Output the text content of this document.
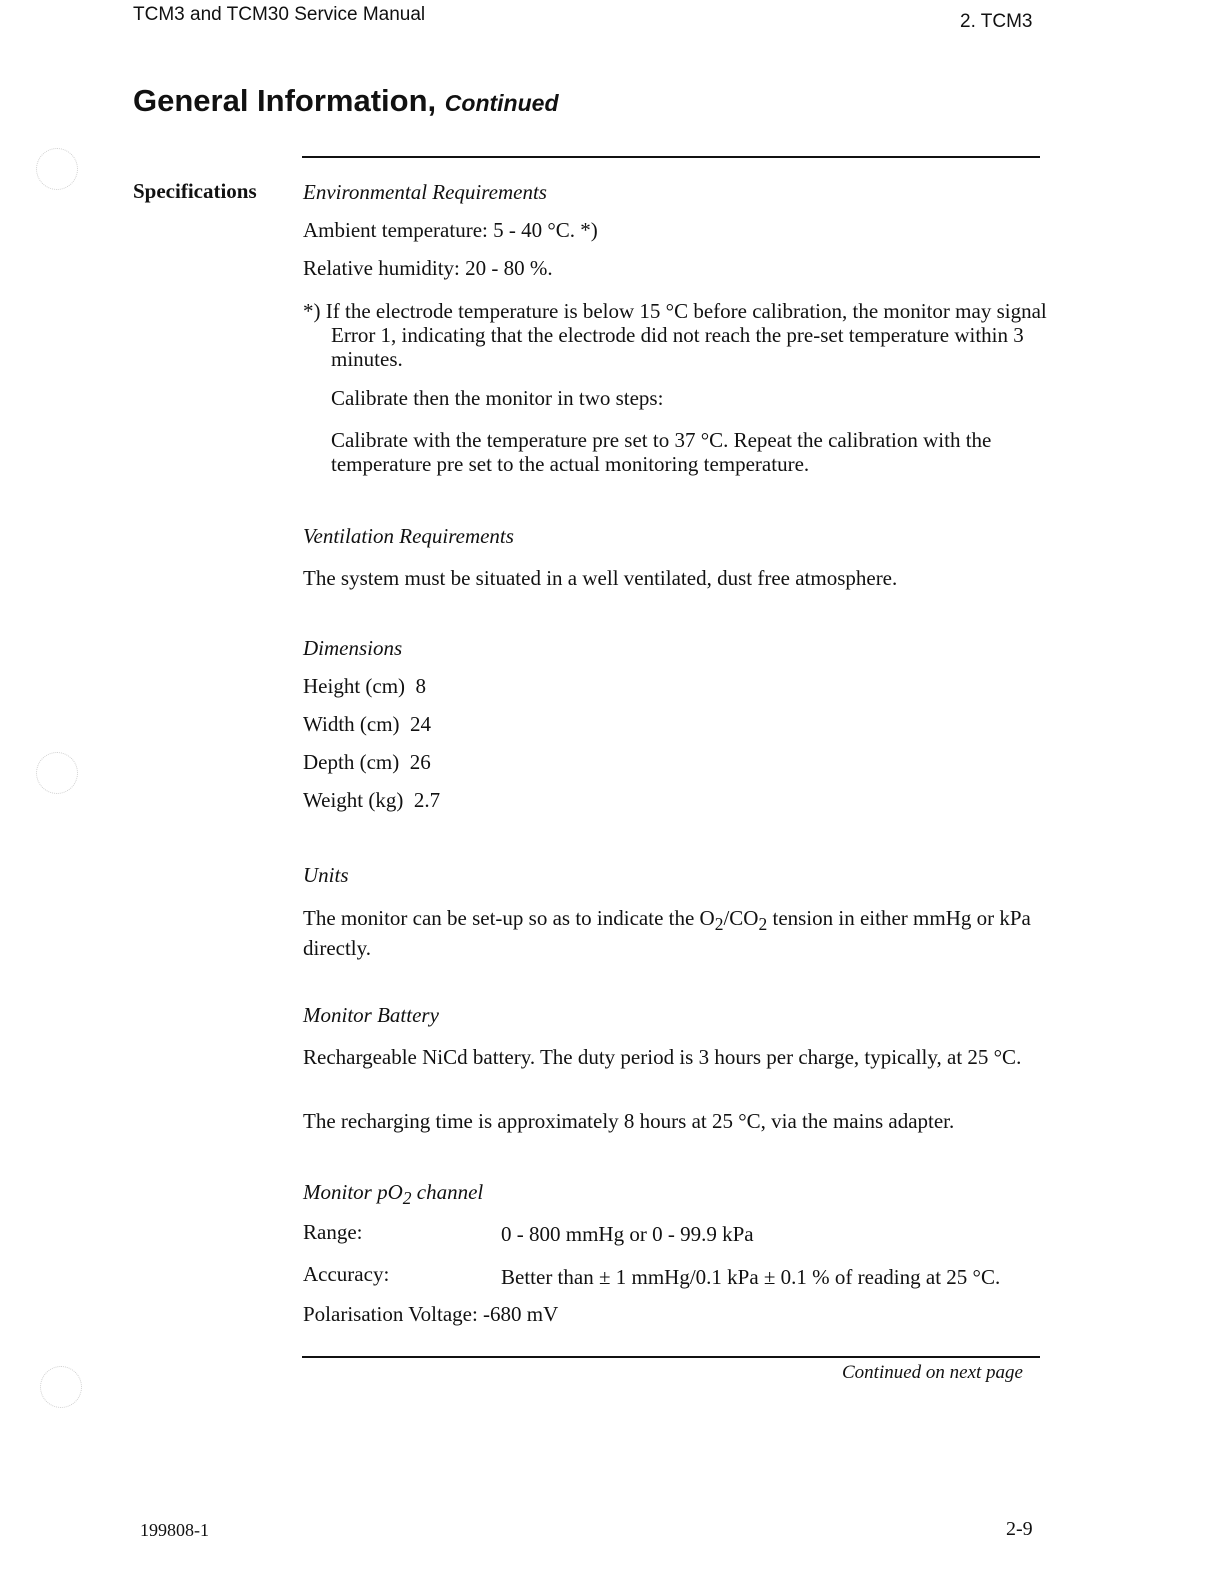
TCM3 and TCM30 Service Manual	2. TCM3
General Information, Continued
Specifications Environmental Requirements
Ambient temperature: 5 - 40 °C. *)
Relative humidity: 20 - 80 %.
*) If the electrode temperature is below 15 °C before calibration, the monitor may signal Error 1, indicating that the electrode did not reach the pre-set temperature within 3 minutes.
Calibrate then the monitor in two steps:
Calibrate with the temperature pre set to 37 °C. Repeat the calibration with the temperature pre set to the actual monitoring temperature.
Ventilation Requirements
The system must be situated in a well ventilated, dust free atmosphere.
Dimensions
Height (cm) 8
Width (cm) 24
Depth (cm) 26
Weight (kg) 2.7
Units
The monitor can be set-up so as to indicate the $O_2/CO_2$ tension in either mmHg or kPa directly.
Monitor Battery
Rechargeable NiCd battery. The duty period is 3 hours per charge, typically, at 25 °C.
The recharging time is approximately 8 hours at 25 °C, via the mains adapter.
Monitor $pO_2$ channel
Range:	0 - 800 mmHg or 0 - 99.9 kPa
Accuracy:	Better than ± 1 mmHg/0.1 kPa ± 0.1 % of reading at 25 °C.
Polarisation Voltage: -680 mV
Continued on next page
199808-1	2-9
